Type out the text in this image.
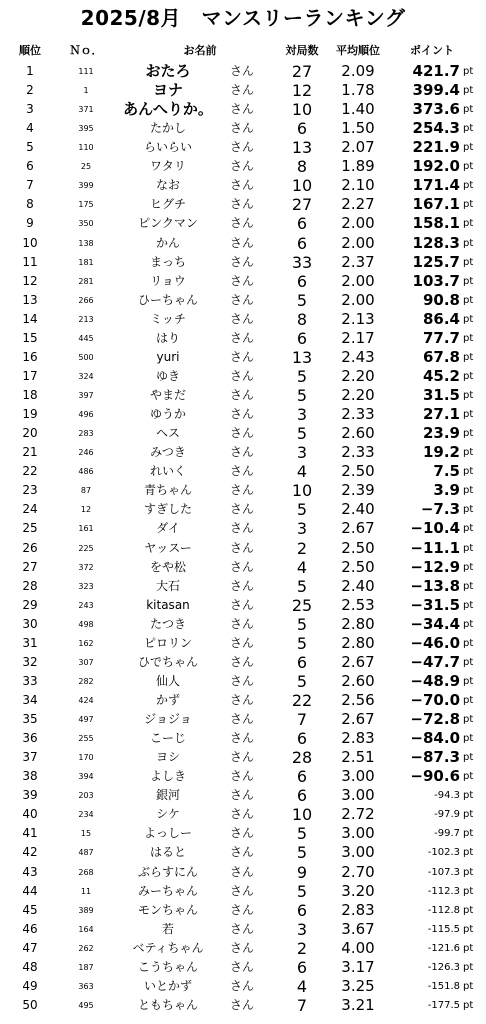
2025/8月　マンスリーランキング
順位	Ｎｏ．	お名前	対局数	平均順位	ポイント
1	111	おたろ	さん	27	2.09	421.7 pt
2	1	ヨナ	さん	12	1.78	399.4 pt
3	371	あんへりか。	さん	10	1.40	373.6 pt
4	395	たかし	さん	6	1.50	254.3 pt
5	110	らいらい	さん	13	2.07	221.9 pt
6	25	ワタリ	さん	8	1.89	192.0 pt
7	399	なお	さん	10	2.10	171.4 pt
8	175	ヒグチ	さん	27	2.27	167.1 pt
9	350	ピンクマン	さん	6	2.00	158.1 pt
10	138	かん	さん	6	2.00	128.3 pt
11	181	まっち	さん	33	2.37	125.7 pt
12	281	リョウ	さん	6	2.00	103.7 pt
13	266	ひーちゃん	さん	5	2.00	90.8 pt
14	213	ミッチ	さん	8	2.13	86.4 pt
15	445	はり	さん	6	2.17	77.7 pt
16	500	yuri	さん	13	2.43	67.8 pt
17	324	ゆき	さん	5	2.20	45.2 pt
18	397	やまだ	さん	5	2.20	31.5 pt
19	496	ゆうか	さん	3	2.33	27.1 pt
20	283	ヘス	さん	5	2.60	23.9 pt
21	246	みつき	さん	3	2.33	19.2 pt
22	486	れいく	さん	4	2.50	7.5 pt
23	87	青ちゃん	さん	10	2.39	3.9 pt
24	12	すぎした	さん	5	2.40	−7.3 pt
25	161	ダイ	さん	3	2.67	−10.4 pt
26	225	ヤッスー	さん	2	2.50	−11.1 pt
27	372	をや松	さん	4	2.50	−12.9 pt
28	323	大石	さん	5	2.40	−13.8 pt
29	243	kitasan	さん	25	2.53	−31.5 pt
30	498	たつき	さん	5	2.80	−34.4 pt
31	162	ピロリン	さん	5	2.80	−46.0 pt
32	307	ひでちゃん	さん	6	2.67	−47.7 pt
33	282	仙人	さん	5	2.60	−48.9 pt
34	424	かず	さん	22	2.56	−70.0 pt
35	497	ジョジョ	さん	7	2.67	−72.8 pt
36	255	こーじ	さん	6	2.83	−84.0 pt
37	170	ヨシ	さん	28	2.51	−87.3 pt
38	394	よしき	さん	6	3.00	−90.6 pt
39	203	銀河	さん	6	3.00	-94.3 pt
40	234	シケ	さん	10	2.72	-97.9 pt
41	15	よっしー	さん	5	3.00	-99.7 pt
42	487	はると	さん	5	3.00	-102.3 pt
43	268	ぶらすにん	さん	9	2.70	-107.3 pt
44	11	みーちゃん	さん	5	3.20	-112.3 pt
45	389	モンちゃん	さん	6	2.83	-112.8 pt
46	164	若	さん	3	3.67	-115.5 pt
47	262	ベティちゃん	さん	2	4.00	-121.6 pt
48	187	こうちゃん	さん	6	3.17	-126.3 pt
49	363	いとかず	さん	4	3.25	-151.8 pt
50	495	ともちゃん	さん	7	3.21	-177.5 pt
